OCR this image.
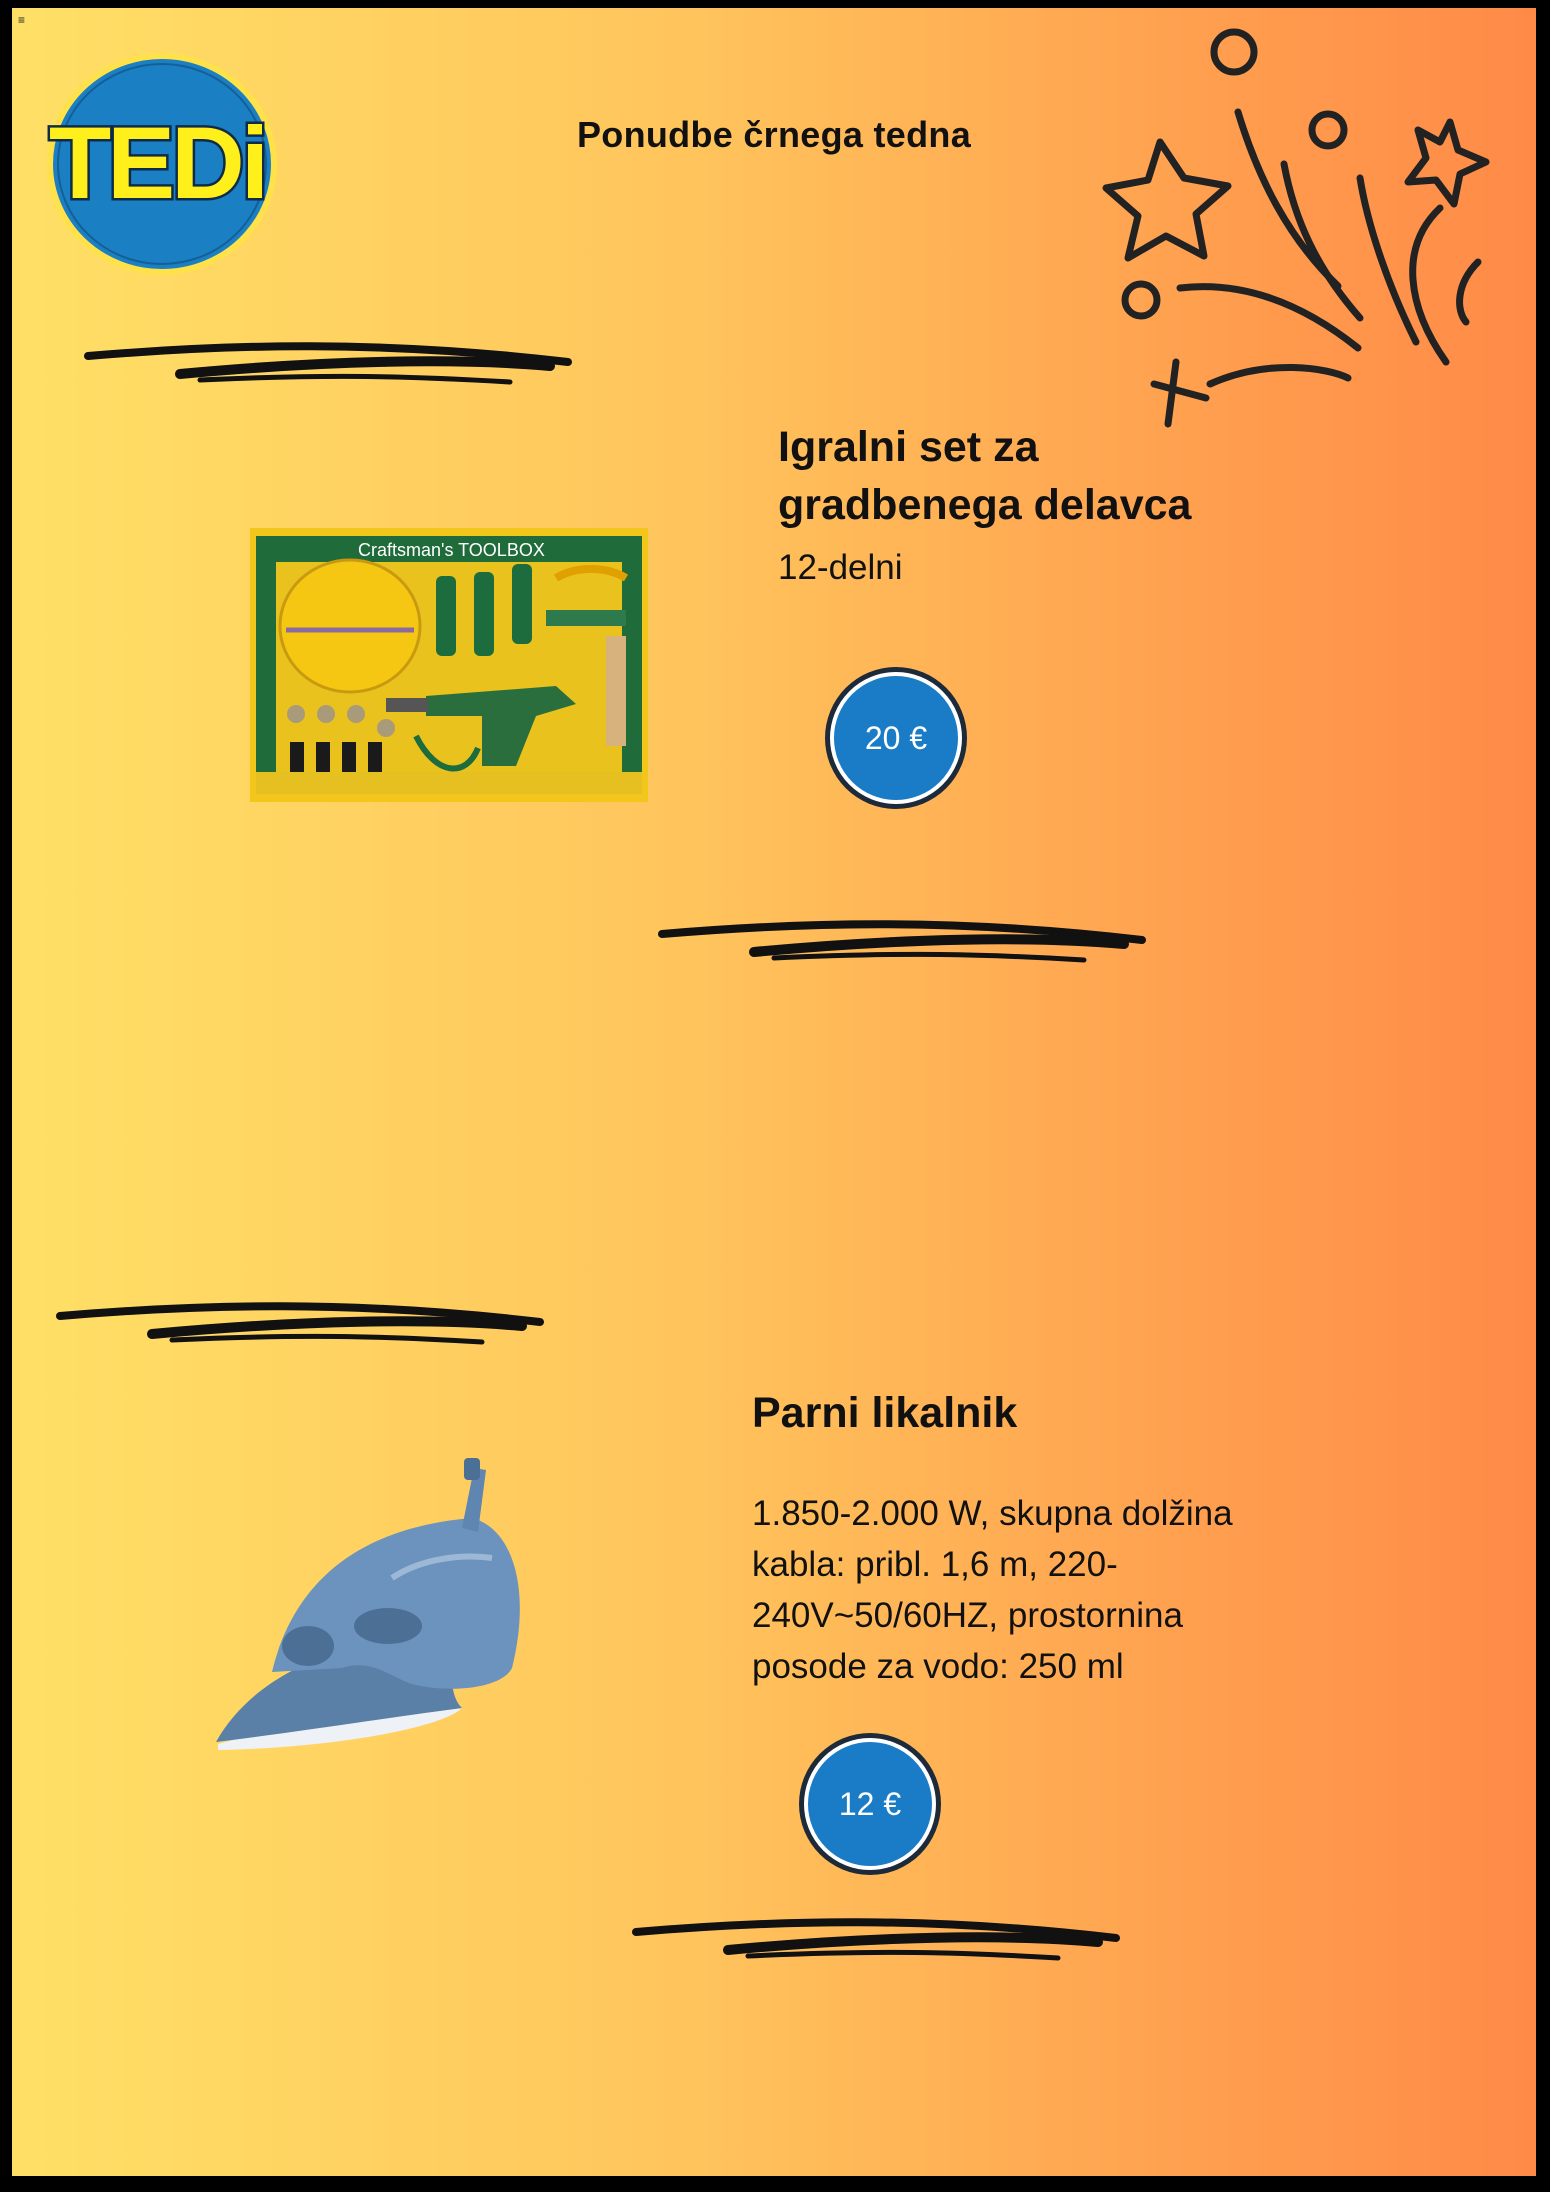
≡
TEDi	Ponudbe črnega tedna
Craftsman's TOOLBOX
Igralni set za
gradbenega delavca
12-delni
20 €
Parni likalnik
1.850-2.000 W, skupna dolžina
kabla: pribl. 1,6 m, 220-
240V~50/60HZ, prostornina
posode za vodo: 250 ml
12 €
